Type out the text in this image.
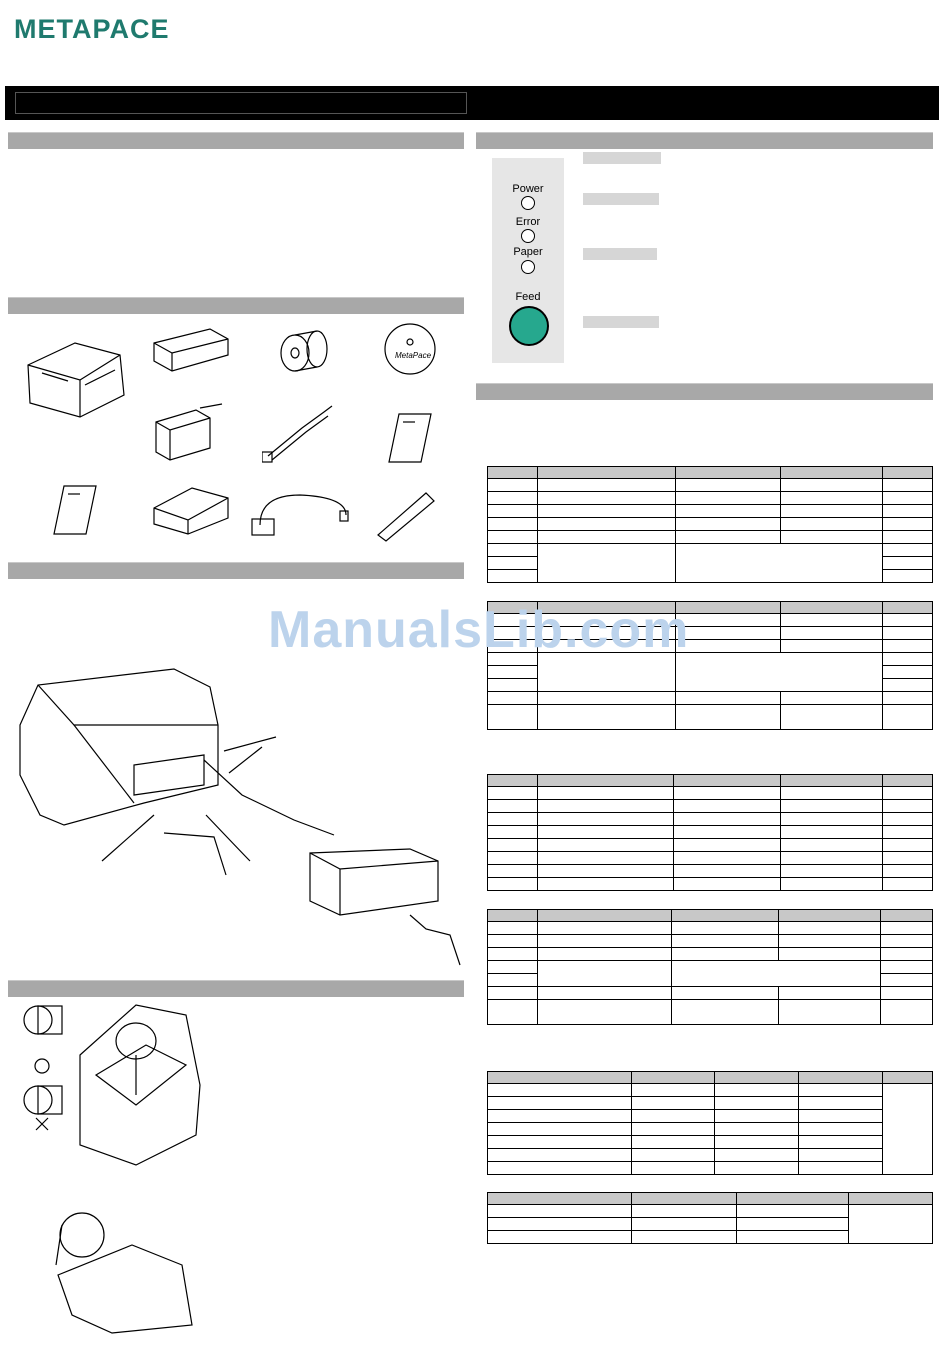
METAPACE
MetaPace
Power
Error
Paper
Feed

ManualsLib.com
